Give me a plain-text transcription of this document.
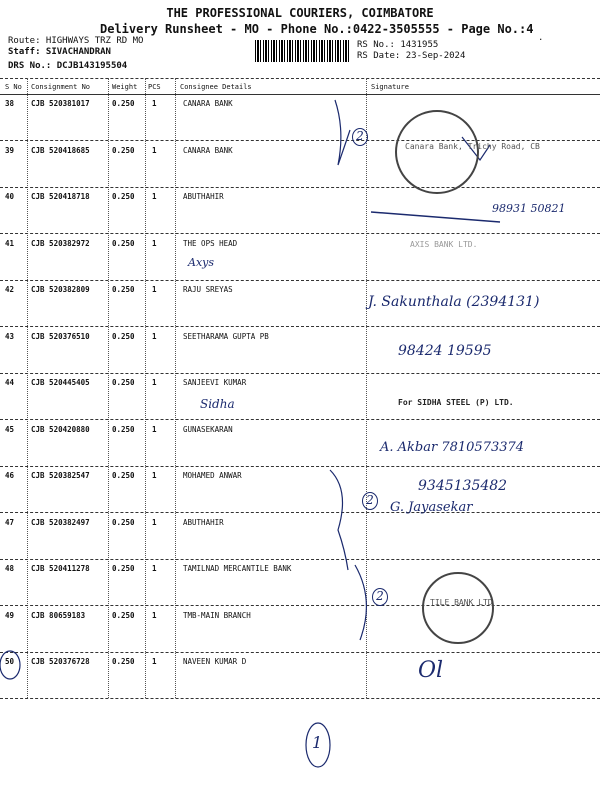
THE PROFESSIONAL COURIERS, COIMBATORE
Delivery Runsheet - MO - Phone No.:0422-3505555 - Page No.:4
Route: HIGHWAYS TRZ RD MO
Staff: SIVACHANDRAN
DRS No.: DCJB143195504
RS No.: 1431955
RS Date: 23-Sep-2024
.
S No Consignment No	Weight PCS	Consignee Details	Signature
38 CJB 520381017	0.250 1	CANARA BANK
39 CJB 520418685	0.250 1	CANARA BANK
40 CJB 520418718	0.250 1	ABUTHAHIR
41 CJB 520382972	0.250 1	THE OPS HEAD
42 CJB 520382809	0.250 1	RAJU SREYAS
43 CJB 520376510	0.250 1	SEETHARAMA GUPTA PB
44 CJB 520445405	0.250 1	SANJEEVI KUMAR
45 CJB 520420880	0.250 1	GUNASEKARAN
46 CJB 520382547	0.250 1	MOHAMED ANWAR
47 CJB 520382497	0.250 1	ABUTHAHIR
48 CJB 520411278	0.250 1	TAMILNAD MERCANTILE BANK
49 CJB 80659183	0.250 1	TMB-MAIN BRANCH
50 CJB 520376728	0.250 1	NAVEEN KUMAR D
Canara Bank, Trichy Road, CB
TILE BANK LTD
AXIS BANK LTD.
For SIDHA STEEL (P) LTD.
98931 50821
Axys
J. Sakunthala (2394131)
98424 19595
Sidha
A. Akbar 7810573374
9345135482
G. Jayasekar
Ol
2
2
2
1
